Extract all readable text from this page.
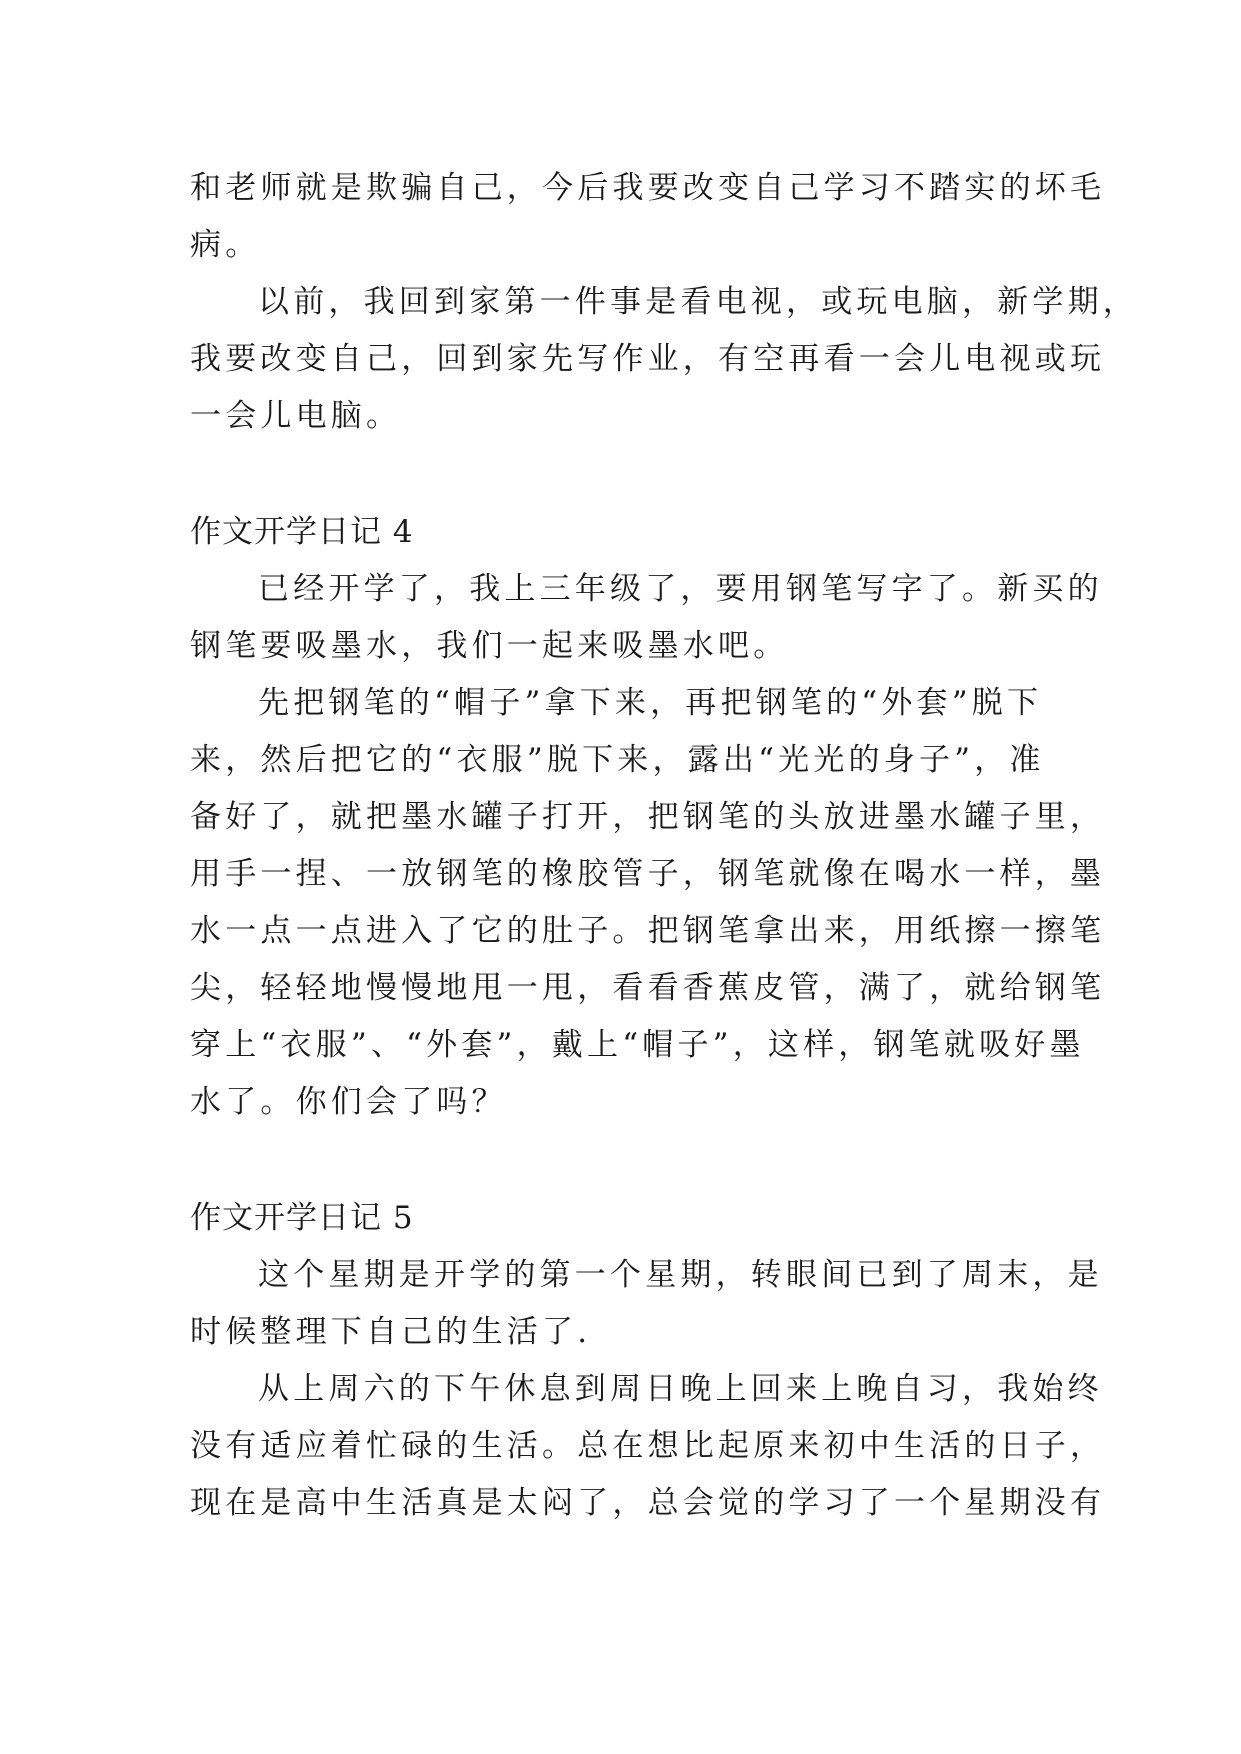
和老师就是欺骗自己，今后我要改变自己学习不踏实的坏毛
病。
以前，我回到家第一件事是看电视，或玩电脑，新学期，
我要改变自己，回到家先写作业，有空再看一会儿电视或玩
一会儿电脑。
作文开学日记 4
已经开学了，我上三年级了，要用钢笔写字了。新买的
钢笔要吸墨水，我们一起来吸墨水吧。
先把钢笔的“帽子”拿下来，再把钢笔的“外套”脱下
来，然后把它的“衣服”脱下来，露出“光光的身子”，准
备好了，就把墨水罐子打开，把钢笔的头放进墨水罐子里，
用手一捏、一放钢笔的橡胶管子，钢笔就像在喝水一样，墨
水一点一点进入了它的肚子。把钢笔拿出来，用纸擦一擦笔
尖，轻轻地慢慢地甩一甩，看看香蕉皮管，满了，就给钢笔
穿上“衣服”、“外套”，戴上“帽子”，这样，钢笔就吸好墨
水了。你们会了吗？
作文开学日记 5
这个星期是开学的第一个星期，转眼间已到了周末，是
时候整理下自己的生活了.
从上周六的下午休息到周日晚上回来上晚自习，我始终
没有适应着忙碌的生活。总在想比起原来初中生活的日子，
现在是高中生活真是太闷了，总会觉的学习了一个星期没有
